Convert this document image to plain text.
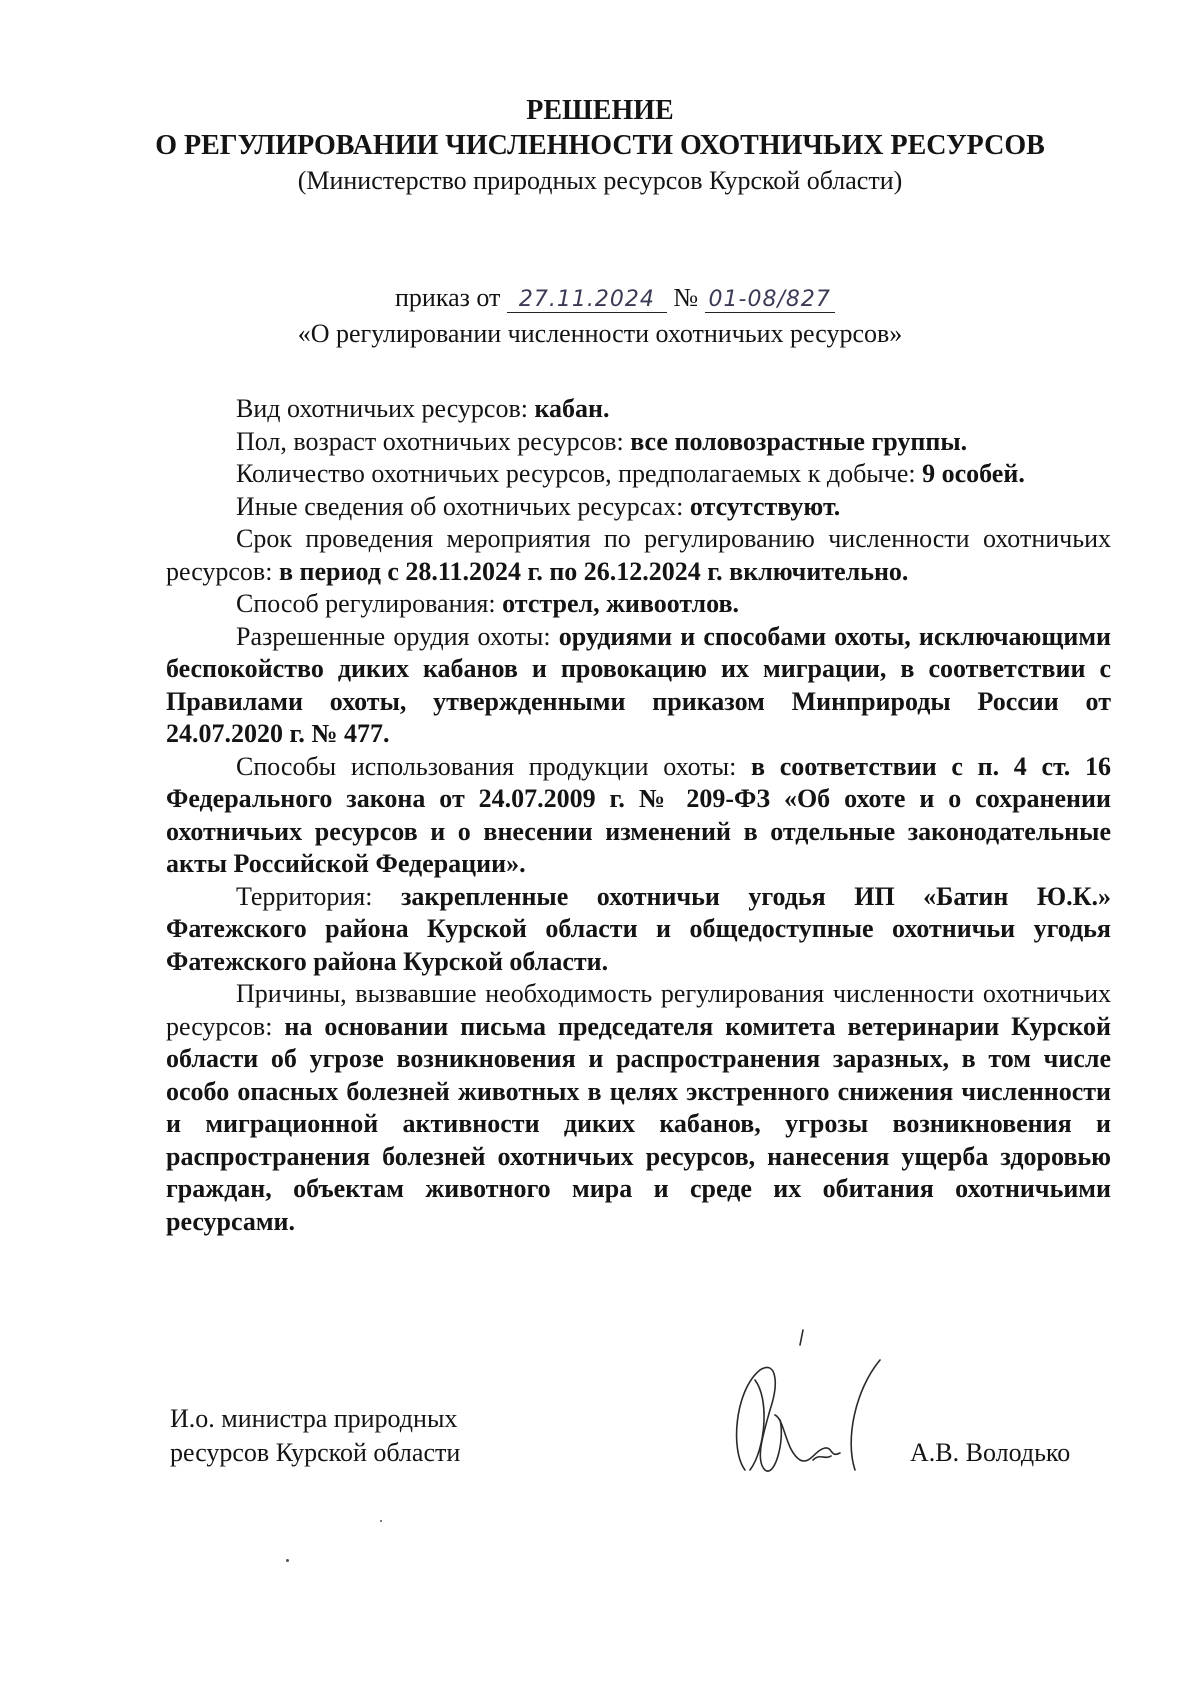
РЕШЕНИЕ
О РЕГУЛИРОВАНИИ ЧИСЛЕННОСТИ ОХОТНИЧЬИХ РЕСУРСОВ
(Министерство природных ресурсов Курской области)
приказ от 27.11.2024 № 01-08/827
«О регулировании численности охотничьих ресурсов»

Вид охотничьих ресурсов: кабан.

Пол, возраст охотничьих ресурсов: все половозрастные группы.

Количество охотничьих ресурсов, предполагаемых к добыче: 9 особей.

Иные сведения об охотничьих ресурсах: отсутствуют.

Срок проведения мероприятия по регулированию численности охотничьих ресурсов: в период с 28.11.2024 г. по 26.12.2024 г. включительно.

Способ регулирования: отстрел, живоотлов.

Разрешенные орудия охоты: орудиями и способами охоты, исключающими беспокойство диких кабанов и провокацию их миграции, в соответствии с Правилами охоты, утвержденными приказом Минприроды России от 24.07.2020 г. № 477.

Способы использования продукции охоты: в соответствии с п. 4 ст. 16 Федерального закона от 24.07.2009 г. № 209-ФЗ «Об охоте и о сохранении охотничьих ресурсов и о внесении изменений в отдельные законодательные акты Российской Федерации».

Территория: закрепленные охотничьи угодья ИП «Батин Ю.К.» Фатежского района Курской области и общедоступные охотничьи угодья Фатежского района Курской области.

Причины, вызвавшие необходимость регулирования численности охотничьих ресурсов: на основании письма председателя комитета ветеринарии Курской области об угрозе возникновения и распространения заразных, в том числе особо опасных болезней животных в целях экстренного снижения численности и миграционной активности диких кабанов, угрозы возникновения и распространения болезней охотничьих ресурсов, нанесения ущерба здоровью граждан, объектам животного мира и среде их обитания охотничьими ресурсами.

И.о. министра природных
ресурсов Курской области	А.В. Володько
